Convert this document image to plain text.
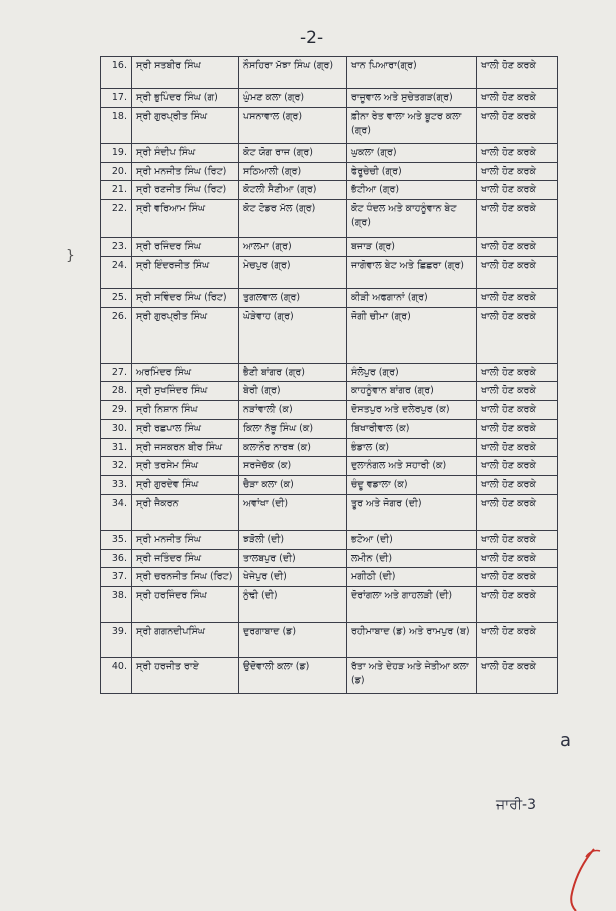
-2-
}
16.	ਸ੍ਰੀ ਸਤਬੀਰ ਸਿੰਘ	ਨੌਸਹਿਰਾ ਮੱਝਾ ਸਿੰਘ (ਗ੍ਰ)	ਖਾਨ ਪਿਆਰਾ(ਗ੍ਰ)	ਖਾਲੀ ਹੋਣ ਕਰਕੇ
17.	ਸ੍ਰੀ ਭੁਪਿੰਦਰ ਸਿੰਘ (ਗ)	ਘੁੰਮਣ ਕਲਾ (ਗ੍ਰ)	ਰਾਜੂਵਾਲ ਅਤੇ ਸੁਚੇਤਗੜ(ਗ੍ਰ)	ਖਾਲੀ ਹੋਣ ਕਰਕੇ
18.	ਸ੍ਰੀ ਗੁਰਪ੍ਰੀਤ ਸਿੰਘ	ਪਸਨਾਵਾਲ (ਗ੍ਰ)	ਫ਼ੀਨਾ ਰੇਤ ਵਾਲਾ ਅਤੇ ਬੂਟਰ ਕਲਾ (ਗ੍ਰ)	ਖਾਲੀ ਹੋਣ ਕਰਕੇ
19.	ਸ੍ਰੀ ਸੰਦੀਪ ਸਿੰਘ	ਕੋਟ ਯੋਗ ਰਾਜ (ਗ੍ਰ)	ਘੁਕਲਾ (ਗ੍ਰ)	ਖਾਲੀ ਹੋਣ ਕਰਕੇ
20.	ਸ੍ਰੀ ਮਨਜੀਤ ਸਿੰਘ (ਰਿਟ)	ਸਠਿਆਲੀ (ਗ੍ਰ)	ਫੇਰੂਚੇਚੀ (ਗ੍ਰ)	ਖਾਲੀ ਹੋਣ ਕਰਕੇ
21.	ਸ੍ਰੀ ਰਣਜੀਤ ਸਿੰਘ (ਰਿਟ)	ਕੋਟਲੀ ਸੈਣੀਆ (ਗ੍ਰ)	ਭੱਟੀਆ (ਗ੍ਰ)	ਖਾਲੀ ਹੋਣ ਕਰਕੇ
22.	ਸ੍ਰੀ ਵਰਿਆਮ ਸਿੰਘ	ਕੋਟ ਟੋਡਰ ਮੱਲ (ਗ੍ਰ)	ਕੋਟ ਧੰਦਲ ਅਤੇ ਕਾਹਨੂੰਵਾਨ ਬੇਟ (ਗ੍ਰ)	ਖਾਲੀ ਹੋਣ ਕਰਕੇ
23.	ਸ੍ਰੀ ਰਜਿੰਦਰ ਸਿੰਘ	ਆਲਮਾ (ਗ੍ਰ)	ਬਜਾੜ (ਗ੍ਰ)	ਖਾਲੀ ਹੋਣ ਕਰਕੇ
24.	ਸ੍ਰੀ ਇੰਦਰਜੀਤ ਸਿੰਘ	ਮੇਚਪੁਰ (ਗ੍ਰ)	ਜਾਗੋਵਾਲ ਬੇਟ ਅਤੇ ਛਿਛਰਾ (ਗ੍ਰ)	ਖਾਲੀ ਹੋਣ ਕਰਕੇ
25.	ਸ੍ਰੀ ਸਵਿੰਦਰ ਸਿੰਘ (ਰਿਟ)	ਤੁਗਲਵਾਲ (ਗ੍ਰ)	ਕੀੜੀ ਅਫਗਾਨਾਂ (ਗ੍ਰ)	ਖਾਲੀ ਹੋਣ ਕਰਕੇ
26.	ਸ੍ਰੀ ਗੁਰਪ੍ਰੀਤ ਸਿੰਘ	ਘੋੜੇਵਾਹ (ਗ੍ਰ)	ਜੋਗੀ ਚੀਮਾ (ਗ੍ਰ)	ਖਾਲੀ ਹੋਣ ਕਰਕੇ
27.	ਅਰਮਿੰਦਰ ਸਿੰਘ	ਭੈਣੀ ਬਾਂਗਰ (ਗ੍ਰ)	ਸੰਲੋਪੁਰ (ਗ੍ਰ)	ਖਾਲੀ ਹੋਣ ਕਰਕੇ
28.	ਸ੍ਰੀ ਸੁਖਜਿੰਦਰ ਸਿੰਘ	ਬੇਰੀ (ਗ੍ਰ)	ਕਾਹਨੂੰਵਾਨ ਬਾਂਗਰ (ਗ੍ਰ)	ਖਾਲੀ ਹੋਣ ਕਰਕੇ
29.	ਸ੍ਰੀ ਨਿਸ਼ਾਨ ਸਿੰਘ	ਨੜਾਂਵਾਲੀ (ਕ)	ਦੋਸਤਪੁਰ ਅਤੇ ਦਲੇਰਪੁਰ (ਕ)	ਖਾਲੀ ਹੋਣ ਕਰਕੇ
30.	ਸ੍ਰੀ ਰਛਪਾਲ ਸਿੰਘ	ਕਿਲਾ ਨੱਥੂ ਸਿੰਘ (ਕ)	ਬਿਖਾਰੀਵਾਲ (ਕ)	ਖਾਲੀ ਹੋਣ ਕਰਕੇ
31.	ਸ੍ਰੀ ਜਸਕਰਨ ਬੀਰ ਸਿੰਘ	ਕਲਾਨੌਰ ਨਾਰਥ (ਕ)	ਭੰਡਾਲ (ਕ)	ਖਾਲੀ ਹੋਣ ਕਰਕੇ
32.	ਸ੍ਰੀ ਤਰਸੇਮ ਸਿੰਘ	ਸਰਜੇਚੱਕ (ਕ)	ਦੁਲਾਨੰਗਲ ਅਤੇ ਸਹਾਰੀ (ਕ)	ਖਾਲੀ ਹੋਣ ਕਰਕੇ
33.	ਸ੍ਰੀ ਗੁਰਦੇਵ ਸਿੰਘ	ਚੈੜਾ ਕਲਾ (ਕ)	ਚੰਦੂ ਵਡਾਲਾ (ਕ)	ਖਾਲੀ ਹੋਣ ਕਰਕੇ
34.	ਸ੍ਰੀ ਜੈਕਰਨ	ਅਵਾਂਖਾ (ਦੀ)	ਤੂਰ ਅਤੇ ਜੋਗਰ (ਦੀ)	ਖਾਲੀ ਹੋਣ ਕਰਕੇ
35.	ਸ੍ਰੀ ਮਨਜੀਤ ਸਿੰਘ	ਝੜੋਲੀ (ਦੀ)	ਭਟੋਆ (ਦੀ)	ਖਾਲੀ ਹੋਣ ਕਰਕੇ
36.	ਸ੍ਰੀ ਜਤਿੰਦਰ ਸਿੰਘ	ਤਾਲਬਪੁਰ (ਦੀ)	ਲਮੀਨ (ਦੀ)	ਖਾਲੀ ਹੋਣ ਕਰਕੇ
37.	ਸ੍ਰੀ ਚਰਨਜੀਤ ਸਿਘ (ਰਿਟ)	ਖੇਜੇਪੁਰ (ਦੀ)	ਮਗੀਠੀ (ਦੀ)	ਖਾਲੀ ਹੋਣ ਕਰਕੇ
38.	ਸ੍ਰੀ ਹਰਜਿੰਦਰ ਸਿੰਘ	ਨੁੰਢੀ (ਦੀ)	ਦੋਰਾਂਗਲਾ ਅਤੇ ਗਾਹਲੜੀ (ਦੀ)	ਖਾਲੀ ਹੋਣ ਕਰਕੇ
39.	ਸ੍ਰੀ ਗਗਨਦੀਪਸਿੰਘ	ਦੁਰਗਾਬਾਦ (ਡ)	ਰਹੀਮਾਬਾਦ (ਡ) ਅਤੇ ਰਾਮਪੁਰ (ਬ)	ਖਾਲੀ ਹੋਣ ਕਰਕੇ
40.	ਸ੍ਰੀ ਹਰਜੀਤ ਰਾਏ	ਉਦੋਵਾਲੀ ਕਲਾ (ਡ)	ਰੱਤਾ ਅਤੇ ਦੇਹੜ ਅਤੇ ਜੇਤੀਆ ਕਲਾ (ਡ)	ਖਾਲੀ ਹੋਣ ਕਰਕੇ
a
ਜਾਰੀ-3
